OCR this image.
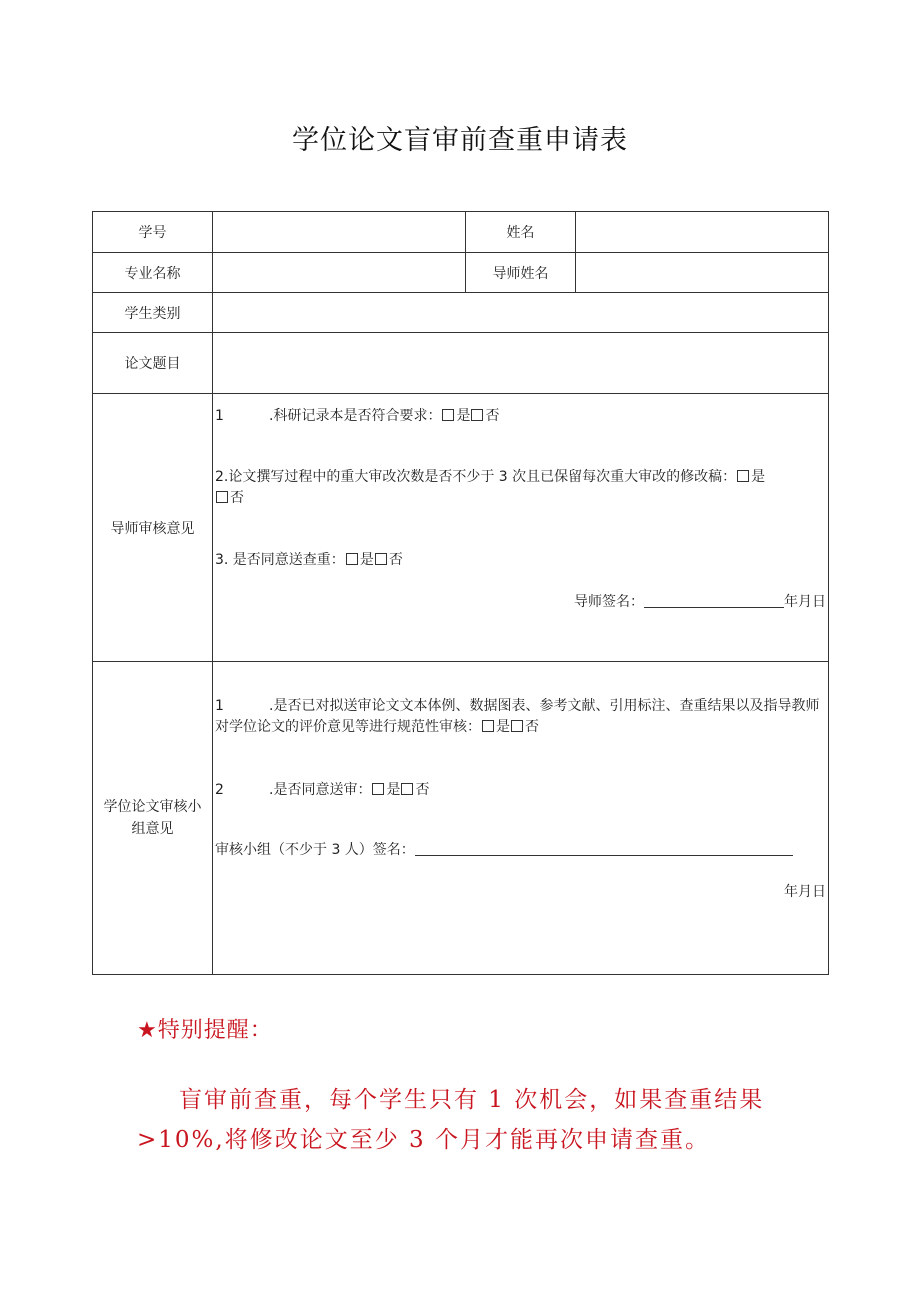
学位论文盲审前查重申请表
学号		姓名	
专业名称		导师姓名	
学生类别			
论文题目			
导师审核意见	1 .科研记录本是否符合要求： 是 否
2.论文撰写过程中的重大审改次数是否不少于 3 次且已保留每次重大审改的修改稿： 是
否
3. 是否同意送查重： 是 否
导师签名： 年月日		

学位论文审核小组意见	1 .是否已对拟送审论文文本体例、数据图表、参考文献、引用标注、查重结果以及指导教师对学位论文的评价意见等进行规范性审核： 是 否
2 .是否同意送审： 是 否
审核小组（不少于 3 人）签名：
年月日		
★特别提醒：
盲审前查重，每个学生只有 1 次机会，如果查重结果
>10%,将修改论文至少 3 个月才能再次申请查重。
